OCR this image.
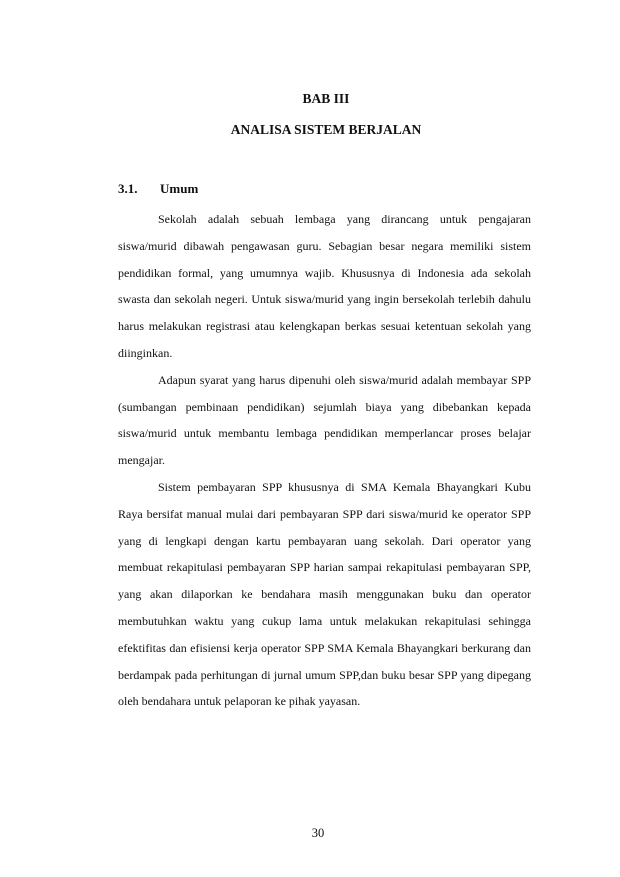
BAB III
ANALISA SISTEM BERJALAN
3.1. Umum

Sekolah adalah sebuah lembaga yang dirancang untuk pengajaran siswa/murid dibawah pengawasan guru. Sebagian besar negara memiliki sistem pendidikan formal, yang umumnya wajib. Khususnya di Indonesia ada sekolah swasta dan sekolah negeri. Untuk siswa/murid yang ingin bersekolah terlebih dahulu harus melakukan registrasi atau kelengkapan berkas sesuai ketentuan sekolah yang diinginkan.

Adapun syarat yang harus dipenuhi oleh siswa/murid adalah membayar SPP (sumbangan pembinaan pendidikan) sejumlah biaya yang dibebankan kepada siswa/murid untuk membantu lembaga pendidikan memperlancar proses belajar mengajar.

Sistem pembayaran SPP khususnya di SMA Kemala Bhayangkari Kubu Raya bersifat manual mulai dari pembayaran SPP dari siswa/murid ke operator SPP yang di lengkapi dengan kartu pembayaran uang sekolah. Dari operator yang membuat rekapitulasi pembayaran SPP harian sampai rekapitulasi pembayaran SPP, yang akan dilaporkan ke bendahara masih menggunakan buku dan operator membutuhkan waktu yang cukup lama untuk melakukan rekapitulasi sehingga efektifitas dan efisiensi kerja operator SPP SMA Kemala Bhayangkari berkurang dan berdampak pada perhitungan di jurnal umum SPP,dan buku besar SPP yang dipegang oleh bendahara untuk pelaporan ke pihak yayasan.

30
